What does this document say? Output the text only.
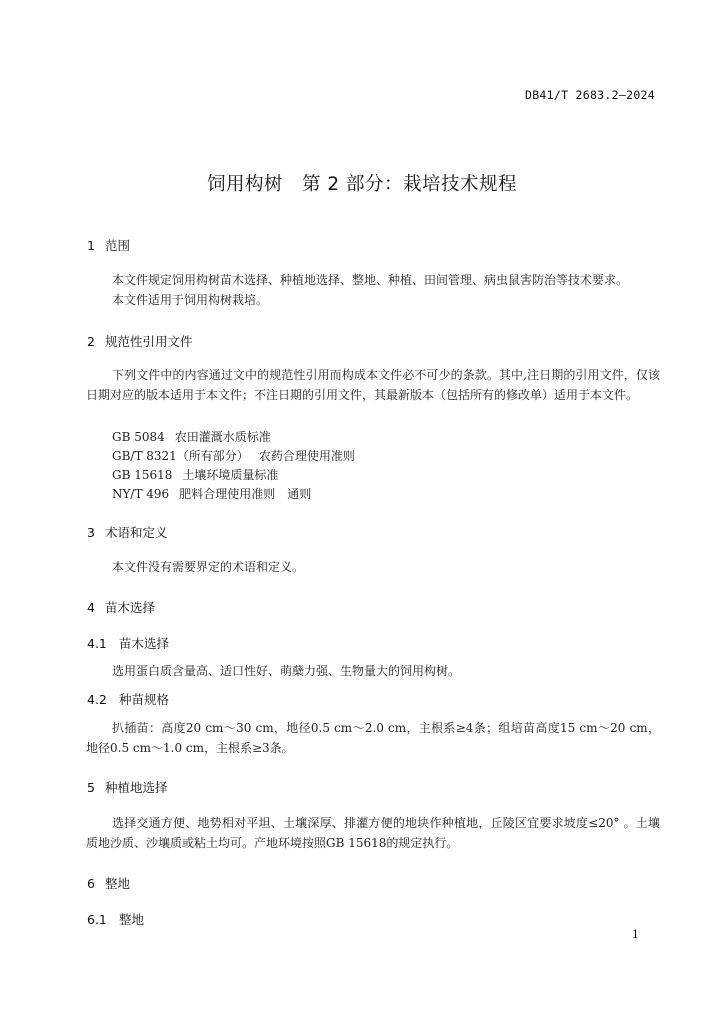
DB41/T 2683.2—2024
饲用构树　第 2 部分：栽培技术规程
1 范围
本文件规定饲用构树苗木选择、种植地选择、整地、种植、田间管理、病虫鼠害防治等技术要求。
本文件适用于饲用构树栽培。
2 规范性引用文件
下列文件中的内容通过文中的规范性引用而构成本文件必不可少的条款。其中,注日期的引用文件，仅该日期对应的版本适用于本文件；不注日期的引用文件，其最新版本（包括所有的修改单）适用于本文件。
GB 5084 农田灌溉水质标准
GB/T 8321（所有部分） 农药合理使用准则
GB 15618 土壤环境质量标准
NY/T 496 肥料合理使用准则　通则
3 术语和定义
本文件没有需要界定的术语和定义。
4 苗木选择
4.1 苗木选择
选用蛋白质含量高、适口性好、萌蘖力强、生物量大的饲用构树。
4.2 种苗规格
扒插苗：高度20 cm～30 cm，地径0.5 cm～2.0 cm，主根系≥4条；组培苗高度15 cm～20 cm，地径0.5 cm～1.0 cm，主根系≥3条。
5 种植地选择
选择交通方便、地势相对平坦、土壤深厚、排灌方便的地块作种植地，丘陵区宜要求坡度≤20° 。土壤质地沙质、沙壤质或粘土均可。产地环境按照GB 15618的规定执行。
6 整地
6.1 整地
1
